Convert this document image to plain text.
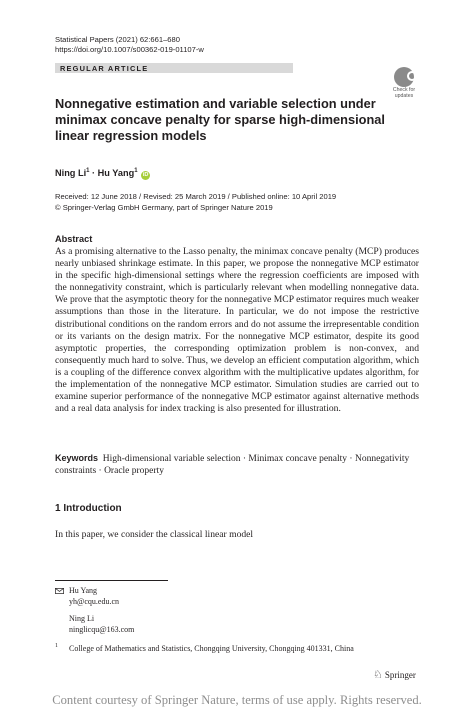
Statistical Papers (2021) 62:661–680
https://doi.org/10.1007/s00362-019-01107-w
REGULAR ARTICLE
Check for updates
Nonnegative estimation and variable selection under minimax concave penalty for sparse high-dimensional linear regression models
Ning $Li^1 \cdot Hu$ Yang$^1$ iD
Received: 12 June 2018 / Revised: 25 March 2019 / Published online: 10 April 2019
© Springer-Verlag GmbH Germany, part of Springer Nature 2019
Abstract
As a promising alternative to the Lasso penalty, the minimax concave penalty (MCP) produces nearly unbiased shrinkage estimate. In this paper, we propose the nonnegative MCP estimator in the specific high-dimensional settings where the regression coefficients are imposed with the nonnegativity constraint, which is particularly relevant when modelling nonnegative data. We prove that the asymptotic theory for the nonnegative MCP estimator requires much weaker assumptions than those in the literature. In particular, we do not impose the restrictive distributional conditions on the random errors and do not assume the irrepresentable condition or its variants on the design matrix. For the nonnegative MCP estimator, despite its good asymptotic properties, the corresponding optimization problem is non-convex, and consequently much hard to solve. Thus, we develop an efficient computation algorithm, which is a coupling of the difference convex algorithm with the multiplicative updates algorithm, for the implementation of the nonnegative MCP estimator. Simulation studies are carried out to examine superior performance of the nonnegative MCP estimator against alternative methods and a real data analysis for index tracking is also presented for illustration.
Keywords High-dimensional variable selection · Minimax concave penalty · Nonnegativity constraints · Oracle property
1 Introduction
In this paper, we consider the classical linear model
Hu Yang
yh@cqu.edu.cn
Ning Li
ninglicqu@163.com
1 College of Mathematics and Statistics, Chongqing University, Chongqing 401331, China
♘ Springer
Content courtesy of Springer Nature, terms of use apply. Rights reserved.
